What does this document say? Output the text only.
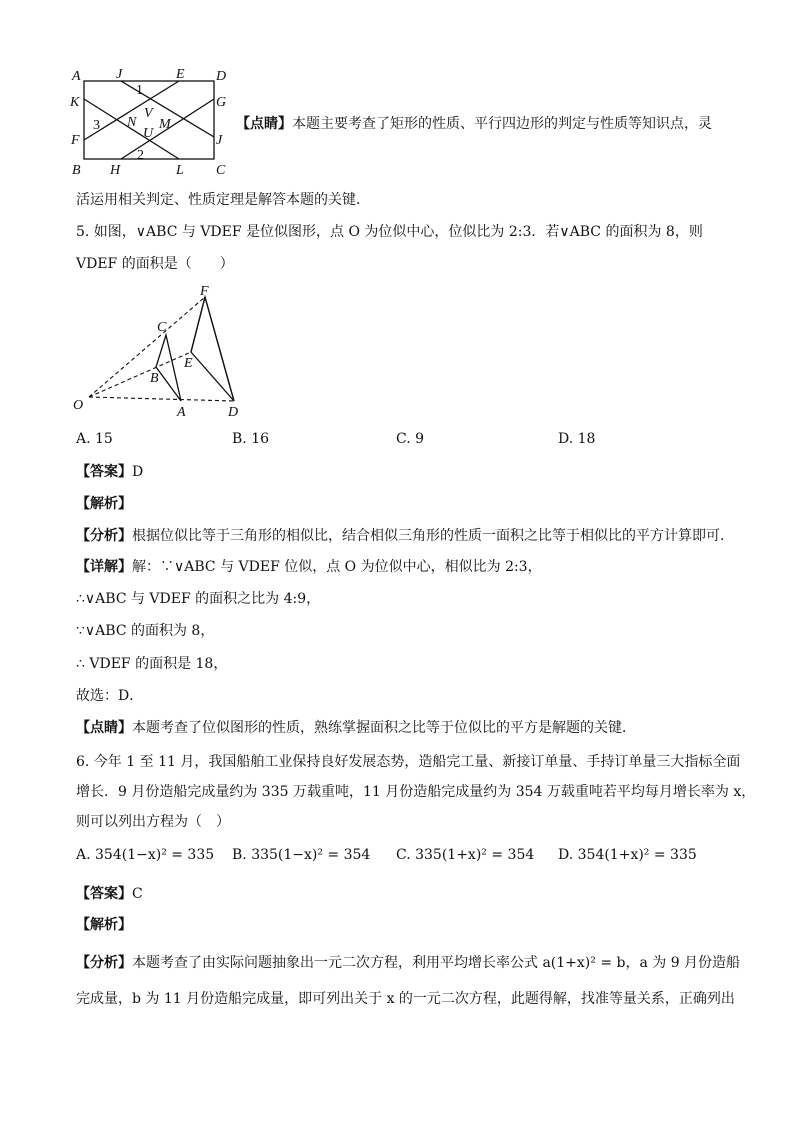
A	J	E D
K	G
F	J
B H	L C
N
V
U
M
1
2
3	【点睛】本题主要考查了矩形的性质、平行四边形的判定与性质等知识点，灵
活运用相关判定、性质定理是解答本题的关键．
5. 如图，∨ABC 与 VDEF 是位似图形，点 O 为位似中心，位似比为 2:3．若∨ABC 的面积为 8，则
VDEF 的面积是（　　）
F
C
E
B
O	A	D
A. 15	B. 16	C. 9	D. 18
【答案】D
【解析】
【分析】根据位似比等于三角形的相似比，结合相似三角形的性质一面积之比等于相似比的平方计算即可．
【详解】解：∵∨ABC 与 VDEF 位似，点 O 为位似中心，相似比为 2:3，
∴∨ABC 与 VDEF 的面积之比为 4:9，
∵∨ABC 的面积为 8，
∴ VDEF 的面积是 18，
故选：D．
【点睛】本题考查了位似图形的性质，熟练掌握面积之比等于位似比的平方是解题的关键．
6. 今年 1 至 11 月，我国船舶工业保持良好发展态势，造船完工量、新接订单量、手持订单量三大指标全面
增长．9 月份造船完成量约为 335 万载重吨，11 月份造船完成量约为 354 万载重吨若平均每月增长率为 x，
则可以列出方程为（　）
A. 354(1−x)² = 335 B. 335(1−x)² = 354 C. 335(1+x)² = 354 D. 354(1+x)² = 335
【答案】C
【解析】
【分析】本题考查了由实际问题抽象出一元二次方程，利用平均增长率公式 a(1+x)² = b，a 为 9 月份造船
完成量，b 为 11 月份造船完成量，即可列出关于 x 的一元二次方程，此题得解，找准等量关系，正确列出
